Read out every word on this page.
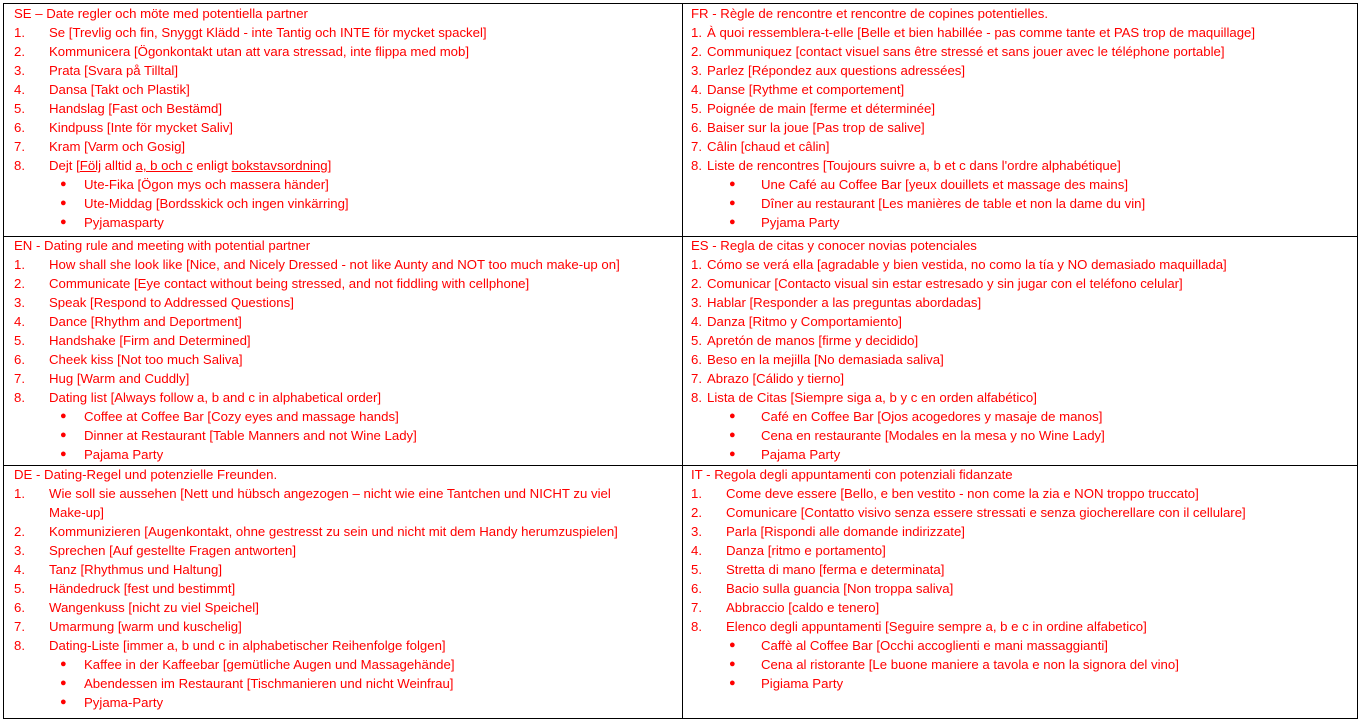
SE – Date regler och möte med potentiella partner
1. Se [Trevlig och fin, Snyggt Klädd - inte Tantig och INTE för mycket spackel]
2. Kommunicera [Ögonkontakt utan att vara stressad, inte flippa med mob]
3. Prata [Svara på Tilltal]
4. Dansa [Takt och Plastik]
5. Handslag [Fast och Bestämd]
6. Kindpuss [Inte för mycket Saliv]
7. Kram [Varm och Gosig]
8. Dejt [Följ alltid a, b och c enligt bokstavsordning]
● Ute-Fika [Ögon mys och massera händer]
● Ute-Middag [Bordsskick och ingen vinkärring]
● Pyjamasparty
FR - Règle de rencontre et rencontre de copines potentielles.
1. À quoi ressemblera-t-elle [Belle et bien habillée - pas comme tante et PAS trop de maquillage]
2. Communiquez [contact visuel sans être stressé et sans jouer avec le téléphone portable]
3. Parlez [Répondez aux questions adressées]
4. Danse [Rythme et comportement]
5. Poignée de main [ferme et déterminée]
6. Baiser sur la joue [Pas trop de salive]
7. Câlin [chaud et câlin]
8. Liste de rencontres [Toujours suivre a, b et c dans l'ordre alphabétique]
● Une Café au Coffee Bar [yeux douillets et massage des mains]
● Dîner au restaurant [Les manières de table et non la dame du vin]
● Pyjama Party
EN - Dating rule and meeting with potential partner
1. How shall she look like [Nice, and Nicely Dressed - not like Aunty and NOT too much make-up on]
2. Communicate [Eye contact without being stressed, and not fiddling with cellphone]
3. Speak [Respond to Addressed Questions]
4. Dance [Rhythm and Deportment]
5. Handshake [Firm and Determined]
6. Cheek kiss [Not too much Saliva]
7. Hug [Warm and Cuddly]
8. Dating list [Always follow a, b and c in alphabetical order]
● Coffee at Coffee Bar [Cozy eyes and massage hands]
● Dinner at Restaurant [Table Manners and not Wine Lady]
● Pajama Party
ES - Regla de citas y conocer novias potenciales
1. Cómo se verá ella [agradable y bien vestida, no como la tía y NO demasiado maquillada]
2. Comunicar [Contacto visual sin estar estresado y sin jugar con el teléfono celular]
3. Hablar [Responder a las preguntas abordadas]
4. Danza [Ritmo y Comportamiento]
5. Apretón de manos [firme y decidido]
6. Beso en la mejilla [No demasiada saliva]
7. Abrazo [Cálido y tierno]
8. Lista de Citas [Siempre siga a, b y c en orden alfabético]
● Café en Coffee Bar [Ojos acogedores y masaje de manos]
● Cena en restaurante [Modales en la mesa y no Wine Lady]
● Pajama Party
DE - Dating-Regel und potenzielle Freunden.
1. Wie soll sie aussehen [Nett und hübsch angezogen – nicht wie eine Tantchen und NICHT zu viel
Make-up]
2. Kommunizieren [Augenkontakt, ohne gestresst zu sein und nicht mit dem Handy herumzuspielen]
3. Sprechen [Auf gestellte Fragen antworten]
4. Tanz [Rhythmus und Haltung]
5. Händedruck [fest und bestimmt]
6. Wangenkuss [nicht zu viel Speichel]
7. Umarmung [warm und kuschelig]
8. Dating-Liste [immer a, b und c in alphabetischer Reihenfolge folgen]
● Kaffee in der Kaffeebar [gemütliche Augen und Massagehände]
● Abendessen im Restaurant [Tischmanieren und nicht Weinfrau]
● Pyjama-Party
IT - Regola degli appuntamenti con potenziali fidanzate
1. Come deve essere [Bello, e ben vestito - non come la zia e NON troppo truccato]
2. Comunicare [Contatto visivo senza essere stressati e senza giocherellare con il cellulare]
3. Parla [Rispondi alle domande indirizzate]
4. Danza [ritmo e portamento]
5. Stretta di mano [ferma e determinata]
6. Bacio sulla guancia [Non troppa saliva]
7. Abbraccio [caldo e tenero]
8. Elenco degli appuntamenti [Seguire sempre a, b e c in ordine alfabetico]
● Caffè al Coffee Bar [Occhi accoglienti e mani massaggianti]
● Cena al ristorante [Le buone maniere a tavola e non la signora del vino]
● Pigiama Party
